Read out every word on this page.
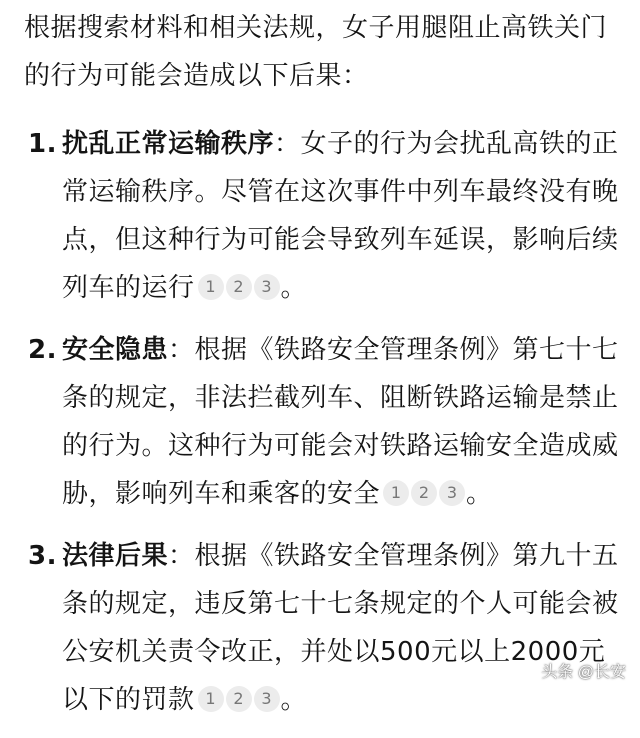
根据搜索材料和相关法规，女子用腿阻止高铁关门的行为可能会造成以下后果：

1. 扰乱正常运输秩序：女子的行为会扰乱高铁的正常运输秩序。尽管在这次事件中列车最终没有晚点，但这种行为可能会导致列车延误，影响后续列车的运行 1 2 3 。
2. 安全隐患：根据《铁路安全管理条例》第七十七条的规定，非法拦截列车、阻断铁路运输是禁止的行为。这种行为可能会对铁路运输安全造成威胁，影响列车和乘客的安全 1 2 3 。
3. 法律后果：根据《铁路安全管理条例》第九十五条的规定，违反第七十七条规定的个人可能会被公安机关责令改正，并处以500元以上2000元以下的罚款 1 2 3 。
头条 @长安
